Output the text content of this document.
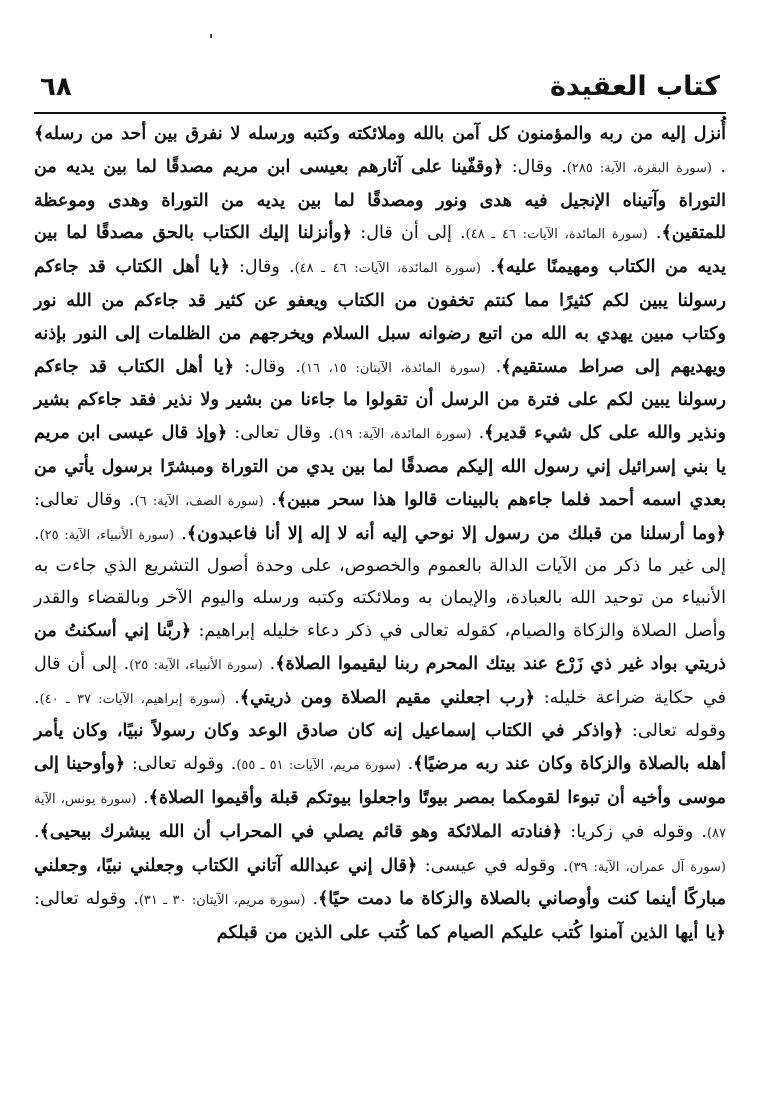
كتاب العقيدة
٦٨

أُنزل إليه من ربه والمؤمنون كل آمن بالله وملائكته وكتبه ورسله لا نفرق بين أحد من رسله﴾ . (سورة البقرة، الآية: ٢٨٥). وقال: ﴿وقفّينا على آثارهم بعيسى ابن مريم مصدقًا لما بين يديه من التوراة وآتيناه الإنجيل فيه هدى ونور ومصدقًا لما بين يديه من التوراة وهدى وموعظة للمتقين﴾. (سورة المائدة، الآيات: ٤٦ ـ ٤٨). إلى أن قال: ﴿وأنزلنا إليك الكتاب بالحق مصدقًا لما بين يديه من الكتاب ومهيمنًا عليه﴾. (سورة المائدة، الآيات: ٤٦ ـ ٤٨). وقال: ﴿يا أهل الكتاب قد جاءكم رسولنا يبين لكم كثيرًا مما كنتم تخفون من الكتاب ويعفو عن كثير قد جاءكم من الله نور وكتاب مبين يهدي به الله من اتبع رضوانه سبل السلام ويخرجهم من الظلمات إلى النور بإذنه ويهديهم إلى صراط مستقيم﴾. (سورة المائدة، الآيتان: ١٥، ١٦). وقال: ﴿يا أهل الكتاب قد جاءكم رسولنا يبين لكم على فترة من الرسل أن تقولوا ما جاءنا من بشير ولا نذير فقد جاءكم بشير ونذير والله على كل شيء قدير﴾. (سورة المائدة، الآية: ١٩). وقال تعالى: ﴿وإذ قال عيسى ابن مريم يا بني إسرائيل إني رسول الله إليكم مصدقًا لما بين يدي من التوراة ومبشرًا برسول يأتي من بعدي اسمه أحمد فلما جاءهم بالبينات قالوا هذا سحر مبين﴾. (سورة الصف، الآية: ٦). وقال تعالى: ﴿وما أرسلنا من قبلك من رسول إلا نوحي إليه أنه لا إله إلا أنا فاعبدون﴾. (سورة الأنبياء، الآية: ٢٥). إلى غير ما ذكر من الآيات الدالة بالعموم والخصوص، على وحدة أصول التشريع الذي جاءت به الأنبياء من توحيد الله بالعبادة، والإيمان به وملائكته وكتبه ورسله واليوم الآخر وبالقضاء والقدر وأصل الصلاة والزكاة والصيام، كقوله تعالى في ذكر دعاء خليله إبراهيم: ﴿ربَّنا إني أسكنتُ من ذريتي بواد غير ذي زَرْع عند بيتك المحرم ربنا ليقيموا الصلاة﴾. (سورة الأنبياء، الآية: ٢٥). إلى أن قال في حكاية ضراعة خليله: ﴿رب اجعلني مقيم الصلاة ومن ذريتي﴾. (سورة إبراهيم، الآيات: ٣٧ ـ ٤٠). وقوله تعالى: ﴿واذكر في الكتاب إسماعيل إنه كان صادق الوعد وكان رسولاً نبيًا، وكان يأمر أهله بالصلاة والزكاة وكان عند ربه مرضيًا﴾. (سورة مريم، الآيات: ٥١ ـ ٥٥). وقوله تعالى: ﴿وأوحينا إلى موسى وأخيه أن تبوءا لقومكما بمصر بيوتًا واجعلوا بيوتكم قبلة وأقيموا الصلاة﴾. (سورة يونس، الآية ٨٧). وقوله في زكريا: ﴿فنادته الملائكة وهو قائم يصلي في المحراب أن الله يبشرك بيحيى﴾. (سورة آل عمران، الآية: ٣٩). وقوله في عيسى: ﴿قال إني عبدالله آتاني الكتاب وجعلني نبيًا، وجعلني مباركًا أينما كنت وأوصاني بالصلاة والزكاة ما دمت حيًا﴾. (سورة مريم، الآيتان: ٣٠ ـ ٣١). وقوله تعالى: ﴿يا أيها الذين آمنوا كُتب عليكم الصيام كما كُتب على الذين من قبلكم
